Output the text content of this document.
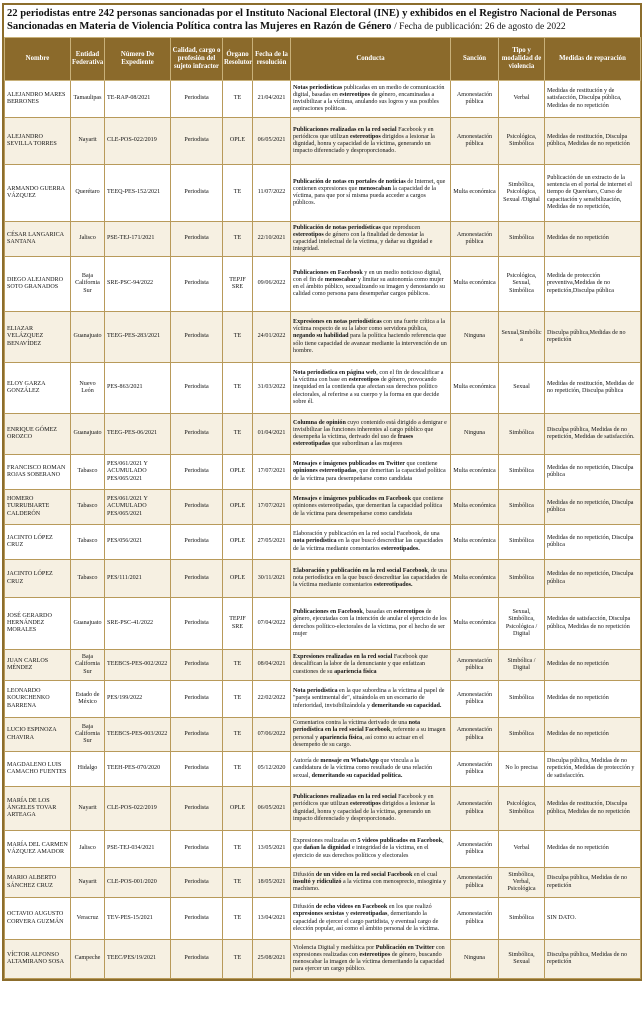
22 periodistas entre 242 personas sancionadas por el Instituto Nacional Electoral (INE) y exhibidos en el Registro Nacional de Personas Sancionadas en Materia de Violencia Política contra las Mujeres en Razón de Género / Fecha de publicación: 26 de agosto de 2022
Nombre	Entidad Federativa	Número De Expediente	Calidad, cargo o profesión del sujeto infractor	Órgano Resolutor	Fecha de la resolución	Conducta	Sanción	Tipo y modalidad de violencia	Medidas de reparación
ALEJANDRO MARES BERRONES	Tamaulipas	TE-RAP-08/2021	Periodista	TE	21/04/2021	Notas periodísticas publicadas en un medio de comunicación digital, basadas en estereotipos de género, encaminadas a invisibilizar a la víctima, anulando sus logros y sus posibles aspiraciones políticas.	Amonestación pública	Verbal	Medidas de restitución y de satisfacción, Disculpa pública, Medidas de no repetición
ALEJANDRO SEVILLA TORRES	Nayarit	CLE-POS-022/2019	Periodista	OPLE	06/05/2021	Publicaciones realizadas en la red social Facebook y en periódicos que utilizan estereotipos dirigidos a lesionar la dignidad, honra y capacidad de la víctima, generando un impacto diferenciado y desproporcionado.	Amonestación pública	Psicológica, Simbólica	Medidas de restitución, Disculpa pública, Medidas de no repetición
ARMANDO GUERRA VÁZQUEZ	Querétaro	TEEQ-PES-152/2021	Periodista	TE	11/07/2022	Publicación de notas en portales de noticias de Internet, que contienen expresiones que menoscaban la capacidad de la víctima, para que por sí misma pueda acceder a cargos públicos.	Multa económica	Simbólica, Psicológica, Sexual /Digital	Publicación de un extracto de la sentencia en el portal de internet el tiempo de Querétaro, Curso de capacitación y sensibilización, Medidas de no repetición,
CÉSAR LANGARICA SANTANA	Jalisco	PSE-TEJ-171/2021	Periodista	TE	22/10/2021	Publicación de notas periodísticas que reproducen estereotipos de género con la finalidad de denostar la capacidad intelectual de la víctima, y dañar su dignidad e integridad.	Amonestación pública	Simbólica	Medidas de no repetición
DIEGO ALEJANDRO SOTO GRANADOS	Baja California Sur	SRE-PSC-94/2022	Periodista	TEPJF SRE	09/06/2022	Publicaciones en Facebook y en un medio noticioso digital, con el fin de menoscabar y limitar su autonomía como mujer en el ámbito público, sexualizando su imagen y denostando su calidad como persona para desempeñar cargos públicos.	Multa económica	Psicológica, Sexual, Simbólica	Medida de protección preventiva,Medidas de no repetición,Disculpa pública
ELIAZAR VELÁZQUEZ BENAVÍDEZ	Guanajuato	TEEG-PES-283/2021	Periodista	TE	24/01/2022	Expresiones en notas periodísticas con una fuerte crítica a la víctima respecto de su la labor como servidora pública, negando su habilidad para la política haciendo referencia que sólo tiene capacidad de avanzar mediante la intervención de un hombre.	Ninguna	Sexual,Simbólica	Disculpa pública,Medidas de no repetición
ELOY GARZA GONZÁLEZ	Nuevo León	PES-863/2021	Periodista	TE	31/03/2022	Nota periodística en página web, con el fin de descalificar a la víctima con base en estereotipos de género, provocando inequidad en la contienda que afectan sus derechos político electorales, al referirse a su cuerpo y la forma en que decide sobre él.	Multa económica	Sexual	Medidas de restitución, Medidas de no repetición, Disculpa pública
ENRIQUE GÓMEZ OROZCO	Guanajuato	TEEG-PES-06/2021	Periodista	TE	01/04/2021	Columna de opinión cuyo contenido está dirigido a denigrar e invisibilizar las funciones inherentes al cargo público que desempeña la víctima, derivado del uso de frases estereotipadas que subordinan a las mujeres	Ninguna	Simbólica	Disculpa pública, Medidas de no repetición, Medidas de satisfacción.
FRANCISCO ROMAN ROJAS SOBERANO	Tabasco	PES/061/2021 Y ACUMULADO PES/065/2021	Periodista	OPLE	17/07/2021	Mensajes e imágenes publicados en Twitter que contiene opiniones estereotipadas, que demeritan la capacidad política de la víctima para desempeñarse como candidata	Multa económica	Simbólica	Medidas de no repetición, Disculpa pública
HOMERO TURRUBIARTE CALDERÓN	Tabasco	PES/061/2021 Y ACUMULADO PES/065/2021	Periodista	OPLE	17/07/2021	Mensajes e imágenes publicados en Facebook que contiene opiniones estereotipadas, que demeritan la capacidad política de la víctima para desempeñarse como candidata	Multa económica	Simbólica	Medidas de no repetición, Disculpa pública
JACINTO LÓPEZ CRUZ	Tabasco	PES/056/2021	Periodista	OPLE	27/05/2021	Elaboración y publicación en la red social Facebook, de una nota periodística en la que buscó descreditar las capacidades de la víctima mediante comentarios estereotipados.	Multa económica	Simbólica	Medidas de no repetición, Disculpa pública
JACINTO LÓPEZ CRUZ	Tabasco	PES/111/2021	Periodista	OPLE	30/11/2021	Elaboración y publicación en la red social Facebook, de una nota periodística en la que buscó descreditar las capacidades de la víctima mediante comentarios estereotipados.	Multa económica	Simbólica	Medidas de no repetición, Disculpa pública
JOSÉ GERARDO HERNÁNDEZ MORALES	Guanajuato	SRE-PSC-41/2022	Periodista	TEPJF SRE	07/04/2022	Publicaciones en Facebook, basadas en estereotipos de género, ejecutadas con la intención de anular el ejercicio de los derechos político-electorales de la víctima, por el hecho de ser mujer	Multa económica	Sexual, Simbólica, Psicológica / Digital	Medidas de satisfacción, Disculpa pública, Medidas de no repetición
JUAN CARLOS MÉNDEZ	Baja California Sur	TEEBCS-PES-002/2022	Periodista	TE	08/04/2021	Expresiones realizadas en la red social Facebook que descalifican la labor de la denunciante y que enfatizan cuestiones de su apariencia física	Amonestación pública	Simbólica / Digital	Medidas de no repetición
LEONARDO KOURCHENKO BARRENA	Estado de México	PES/199/2022	Periodista	TE	22/02/2022	Nota periodística en la que subordina a la víctima al papel de "pareja sentimental de", situándola en un escenario de inferioridad, invisibilizándola y demeritando su capacidad.	Amonestación pública	Simbólica	Medidas de no repetición
LUCIO ESPINOZA CHAVIRA	Baja California Sur	TEEBCS-PES-003/2022	Periodista	TE	07/06/2022	Comentarios contra la víctima derivado de una nota periodística en la red social Facebook, referente a su imagen personal y apariencia física, así como su actuar en el desempeño de su cargo.	Amonestación pública	Simbólica	Medidas de no repetición
MAGDALENO LUIS CAMACHO FUENTES	Hidalgo	TEEH-PES-070/2020	Periodista	TE	05/12/2020	Autoría de mensaje en WhatsApp que vincula a la candidatura de la víctima como resultado de una relación sexual, demeritando su capacidad política.	Amonestación pública	No lo precisa	Disculpa pública, Medidas de no repetición, Medidas de protección y de satisfacción.
MARÍA DE LOS ÁNGELES TOVAR ARTEAGA	Nayarit	CLE-POS-022/2019	Periodista	OPLE	06/05/2021	Publicaciones realizadas en la red social Facebook y en periódicos que utilizan estereotipos dirigidos a lesionar la dignidad, honra y capacidad de la víctima, generando un impacto diferenciado y desproporcionado.	Amonestación pública	Psicológica, Simbólica	Medidas de restitución, Disculpa pública, Medidas de no repetición
MARÍA DEL CARMEN VÁZQUEZ AMADOR	Jalisco	PSE-TEJ-034/2021	Periodista	TE	13/05/2021	Expresiones realizadas en 5 videos publicados en Facebook, que dañan la dignidad e integridad de la víctima, en el ejercicio de sus derechos políticos y electorales	Amonestación pública	Verbal	Medidas de no repetición
MARIO ALBERTO SÁNCHEZ CRUZ	Nayarit	CLE-POS-001/2020	Periodista	TE	18/05/2021	Difusión de un video en la red social Facebook en el cual insultó y ridiculizó a la víctima con menosprecio, misoginia y machismo.	Amonestación pública	Simbólica, Verbal, Psicológica	Disculpa pública, Medidas de no repetición
OCTAVIO AUGUSTO CORVERA GUZMÁN	Veracruz	TEV-PES-15/2021	Periodista	TE	13/04/2021	Difusión de echo videos en Facebook en los que realizó expresiones sexistas y estereotipadas, demeritando la capacidad de ejercer el cargo partidista, y eventual cargo de elección popular, así como el ámbito personal de la víctima.	Amonestación pública	Simbólica	SIN DATO.
VÍCTOR ALFONSO ALTAMIRANO SOSA	Campeche	TEEC/PES/19/2021	Periodista	TE	25/08/2021	Violencia Digital y mediática por Publicación en Twitter con expresiones realizadas con estereotipos de género, buscando menoscabar la imagen de la víctima demeritando la capacidad para ejercer un cargo público.	Ninguna	Simbólica, Sexual	Disculpa pública, Medidas de no repetición
